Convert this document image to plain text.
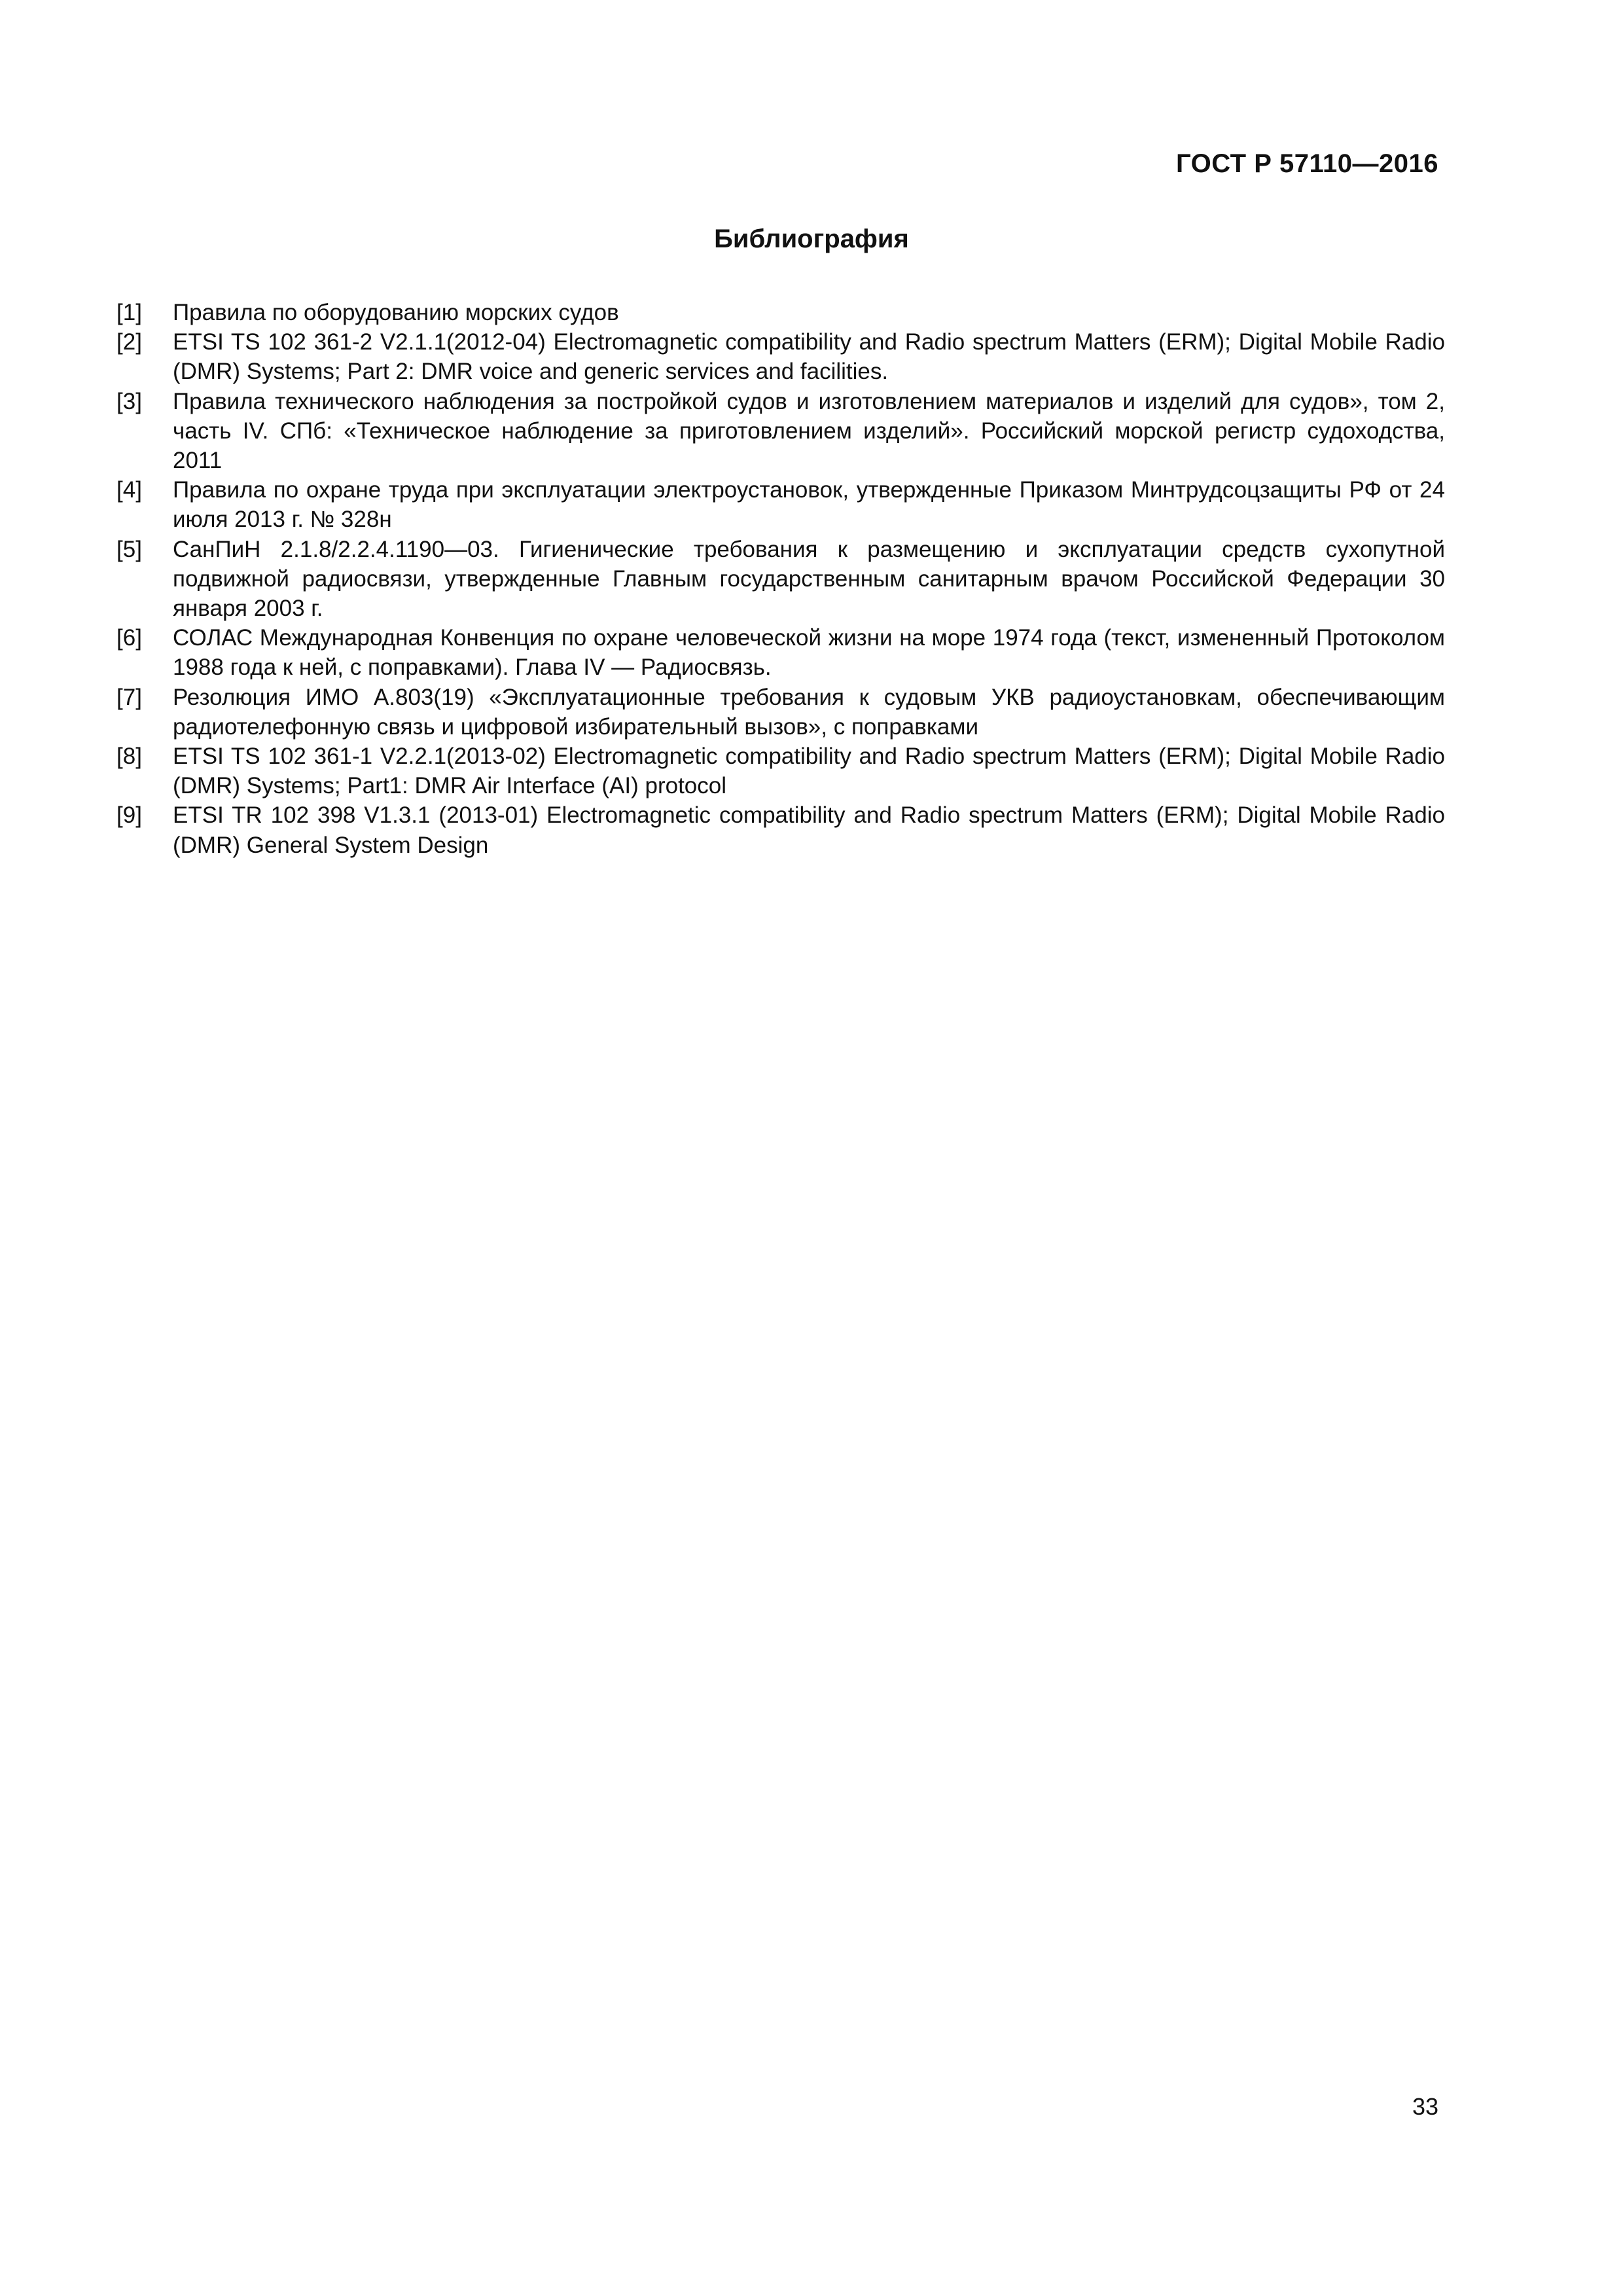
ГОСТ Р 57110—2016
Библиография
[1]	Правила по оборудованию морских судов
[2]	ETSI TS 102 361-2 V2.1.1(2012-04) Electromagnetic compatibility and Radio spectrum Matters (ERM); Digital Mobile Radio (DMR) Systems; Part 2: DMR voice and generic services and facilities.
[3]	Правила технического наблюдения за постройкой судов и изготовлением материалов и изделий для судов», том 2, часть IV. СПб: «Техническое наблюдение за приготовлением изделий». Российский морской регистр судоходства, 2011
[4]	Правила по охране труда при эксплуатации электроустановок, утвержденные Приказом Минтрудсоцзащиты РФ от 24 июля 2013 г. № 328н
[5]	СанПиН 2.1.8/2.2.4.1190—03. Гигиенические требования к размещению и эксплуатации средств сухопутной подвижной радиосвязи, утвержденные Главным государственным санитарным врачом Российской Федерации 30 января 2003 г.
[6]	СОЛАС Международная Конвенция по охране человеческой жизни на море 1974 года (текст, измененный Протоколом 1988 года к ней, с поправками). Глава IV — Радиосвязь.
[7]	Резолюция ИМО А.803(19) «Эксплуатационные требования к судовым УКВ радиоустановкам, обеспечивающим радиотелефонную связь и цифровой избирательный вызов», с поправками
[8]	ETSI TS 102 361-1 V2.2.1(2013-02) Electromagnetic compatibility and Radio spectrum Matters (ERM); Digital Mobile Radio (DMR) Systems; Part1: DMR Air Interface (AI) protocol
[9]	ETSI TR 102 398 V1.3.1 (2013-01) Electromagnetic compatibility and Radio spectrum Matters (ERM); Digital Mobile Radio (DMR) General System Design
33
